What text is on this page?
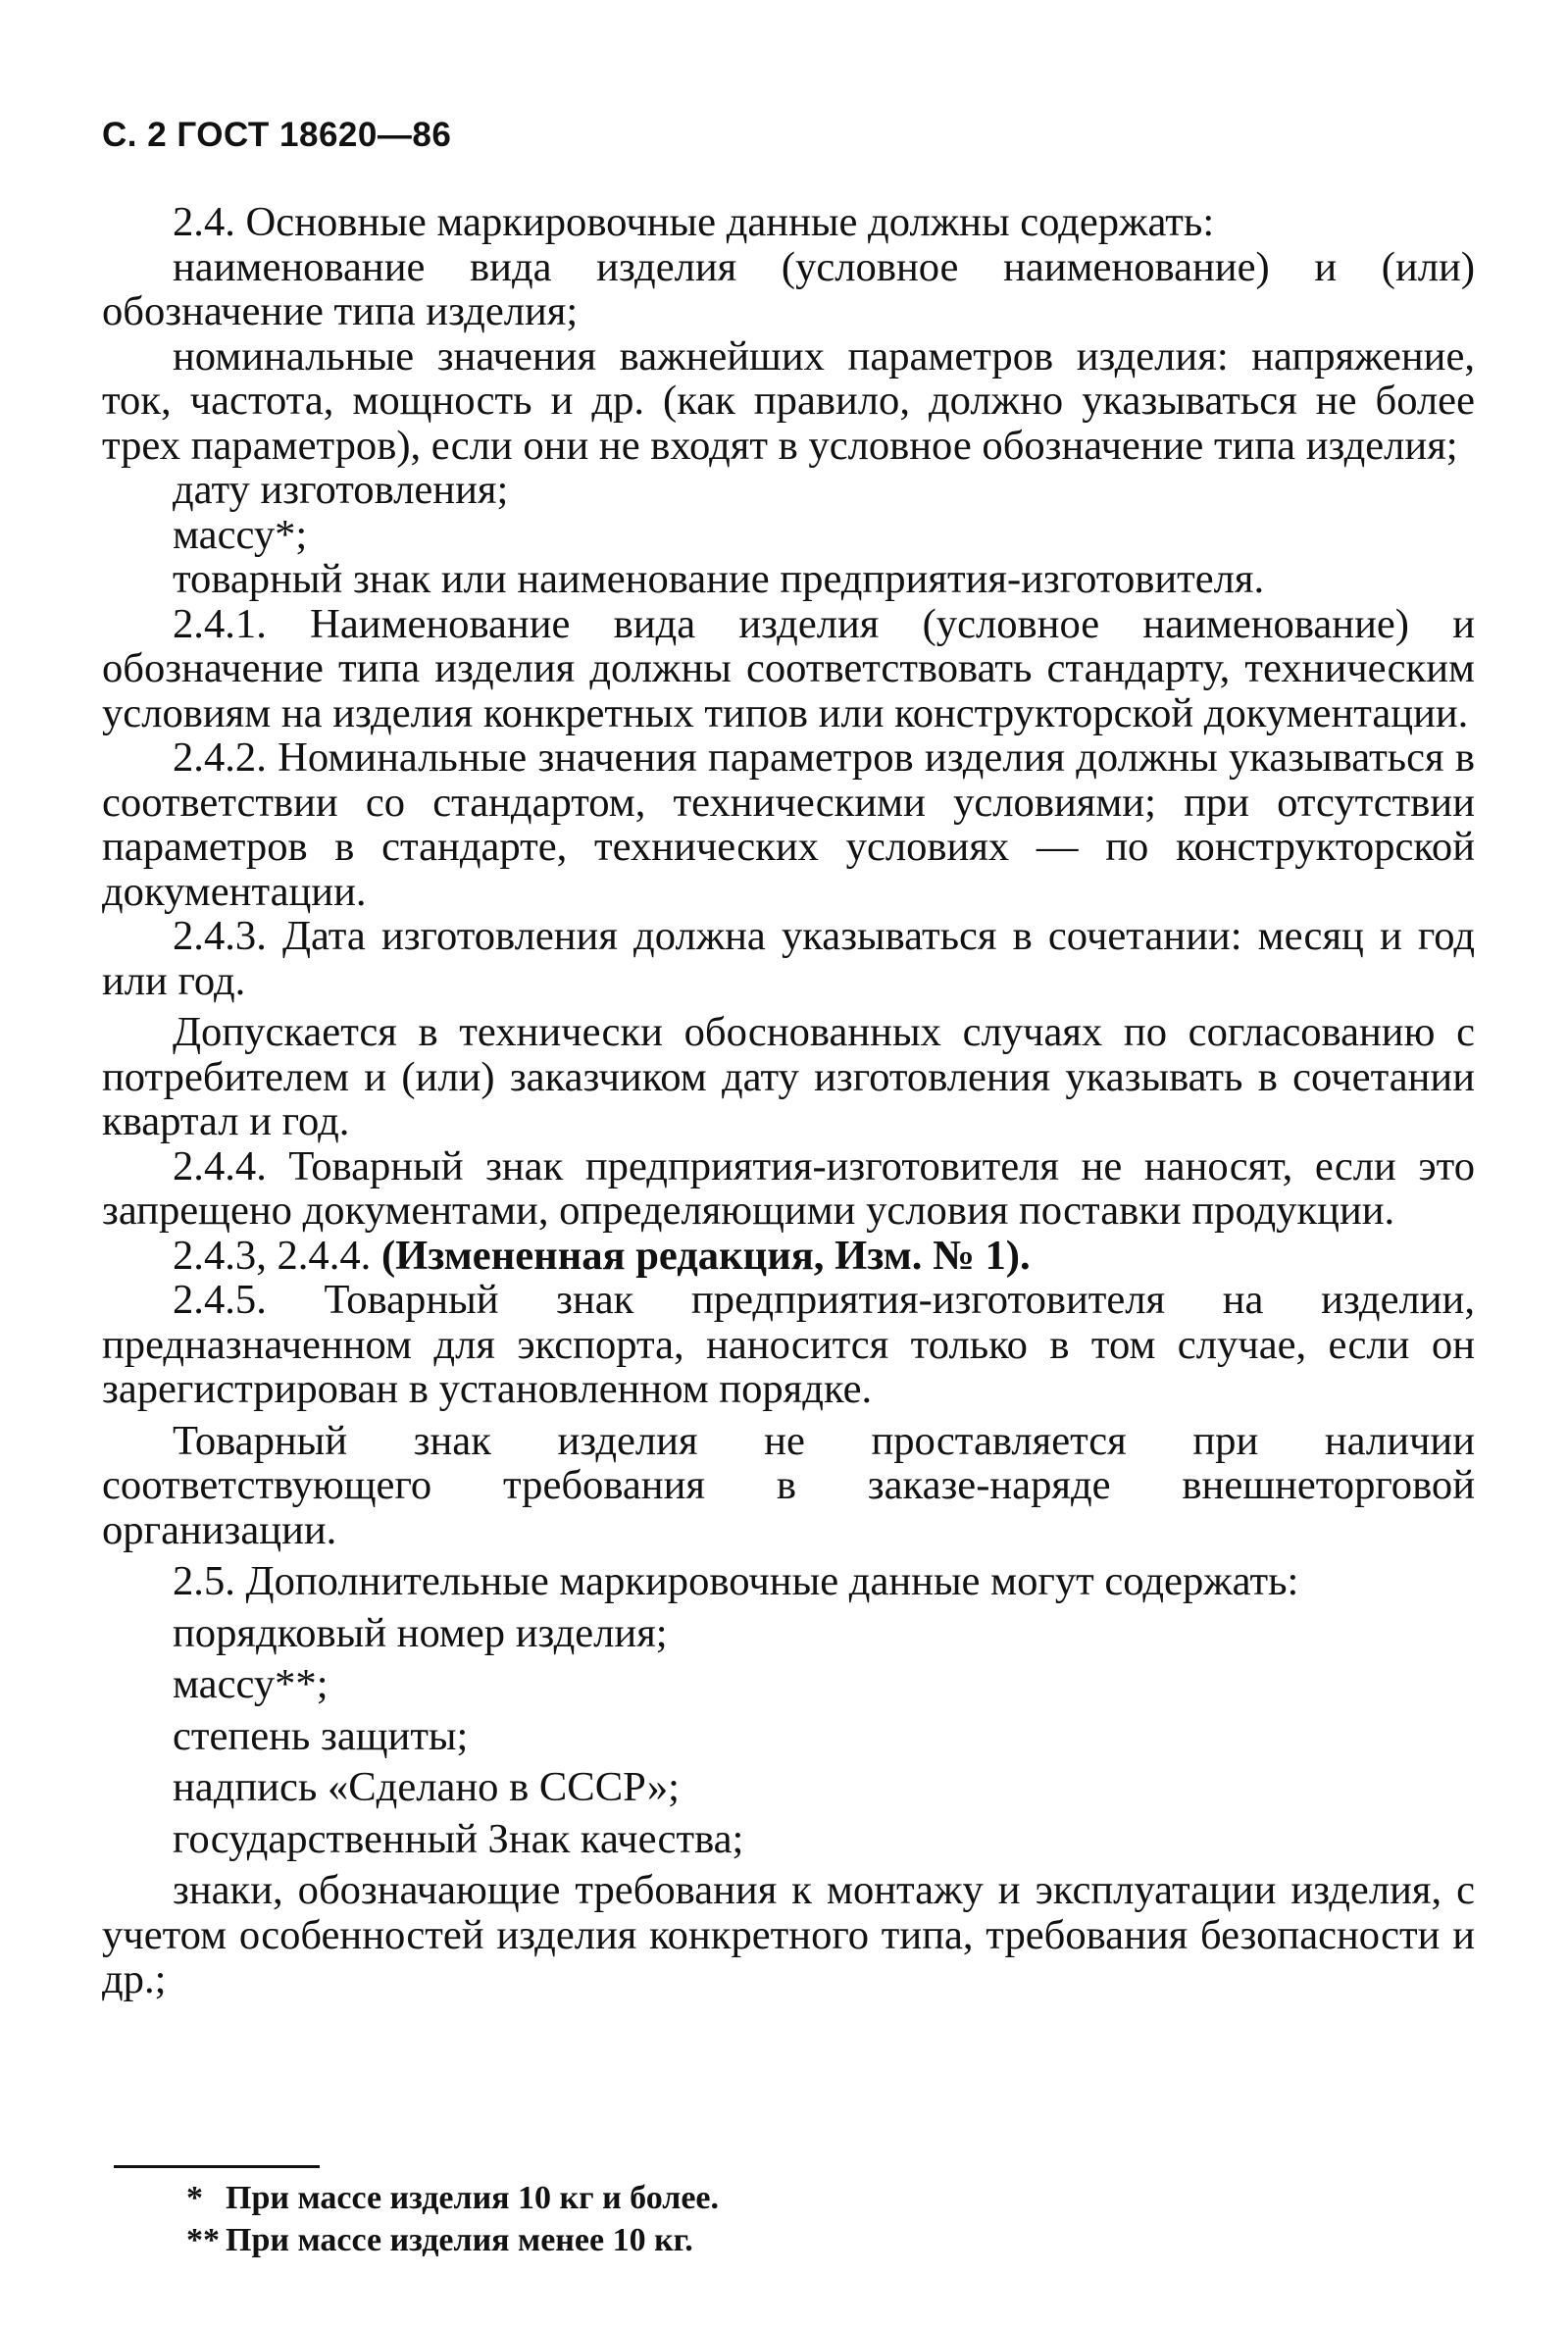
С. 2 ГОСТ 18620—86

2.4. Основные маркировочные данные должны содержать:

наименование вида изделия (условное наименование) и (или) обозначение типа изделия;

номинальные значения важнейших параметров изделия: напряжение, ток, частота, мощность и др. (как правило, должно указываться не более трех параметров), если они не входят в условное обозначение типа изделия;

дату изготовления;

массу*;

товарный знак или наименование предприятия-изготовителя.

2.4.1. Наименование вида изделия (условное наименование) и обозначение типа изделия должны соответствовать стандарту, техническим условиям на изделия конкретных типов или конструкторской документации.

2.4.2. Номинальные значения параметров изделия должны указываться в соответствии со стандартом, техническими условиями; при отсутствии параметров в стандарте, технических условиях — по конструкторской документации.

2.4.3. Дата изготовления должна указываться в сочетании: месяц и год или год.

Допускается в технически обоснованных случаях по согласованию с потребителем и (или) заказчиком дату изготовления указывать в сочетании квартал и год.

2.4.4. Товарный знак предприятия-изготовителя не наносят, если это запрещено документами, определяющими условия поставки продукции.

2.4.3, 2.4.4. (Измененная редакция, Изм. № 1).

2.4.5. Товарный знак предприятия-изготовителя на изделии, предназначенном для экспорта, наносится только в том случае, если он зарегистрирован в установленном порядке.

Товарный знак изделия не проставляется при наличии соответствующего требования в заказе-наряде внешнеторговой организации.

2.5. Дополнительные маркировочные данные могут содержать:

порядковый номер изделия;

массу**;

степень защиты;

надпись «Сделано в СССР»;

государственный Знак качества;

знаки, обозначающие требования к монтажу и эксплуатации изделия, с учетом особенностей изделия конкретного типа, требования безопасности и др.;

* При массе изделия 10 кг и более.
** При массе изделия менее 10 кг.
